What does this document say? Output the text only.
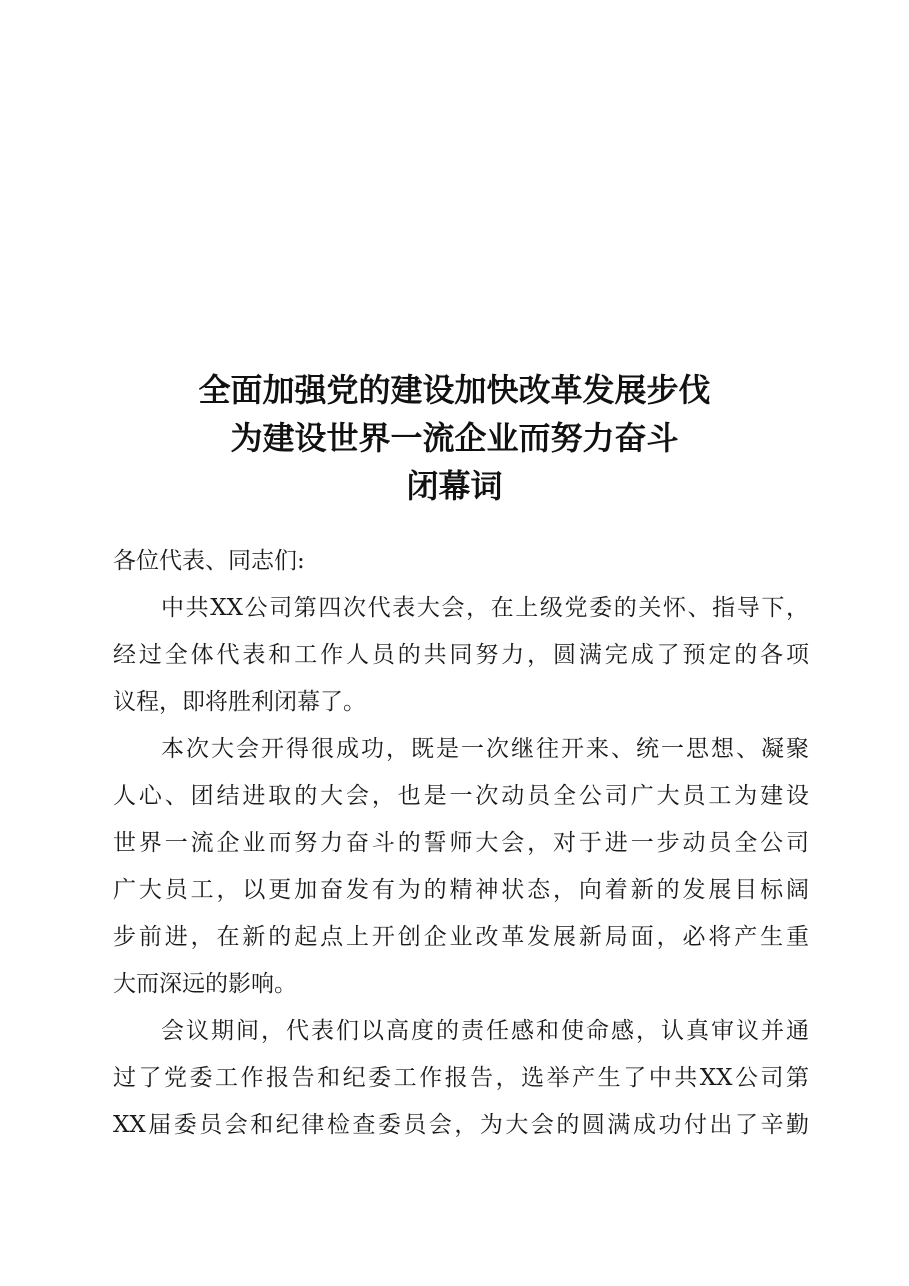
全面加强党的建设加快改革发展步伐
为建设世界一流企业而努力奋斗
闭幕词
各位代表、同志们:
中共XX公司第四次代表大会，在上级党委的关怀、指导下，
经过全体代表和工作人员的共同努力，圆满完成了预定的各项
议程，即将胜利闭幕了。
本次大会开得很成功，既是一次继往开来、统一思想、凝聚
人心、团结进取的大会，也是一次动员全公司广大员工为建设
世界一流企业而努力奋斗的誓师大会，对于进一步动员全公司
广大员工，以更加奋发有为的精神状态，向着新的发展目标阔
步前进，在新的起点上开创企业改革发展新局面，必将产生重
大而深远的影响。
会议期间，代表们以高度的责任感和使命感，认真审议并通
过了党委工作报告和纪委工作报告，选举产生了中共XX公司第
XX届委员会和纪律检查委员会，为大会的圆满成功付出了辛勤
